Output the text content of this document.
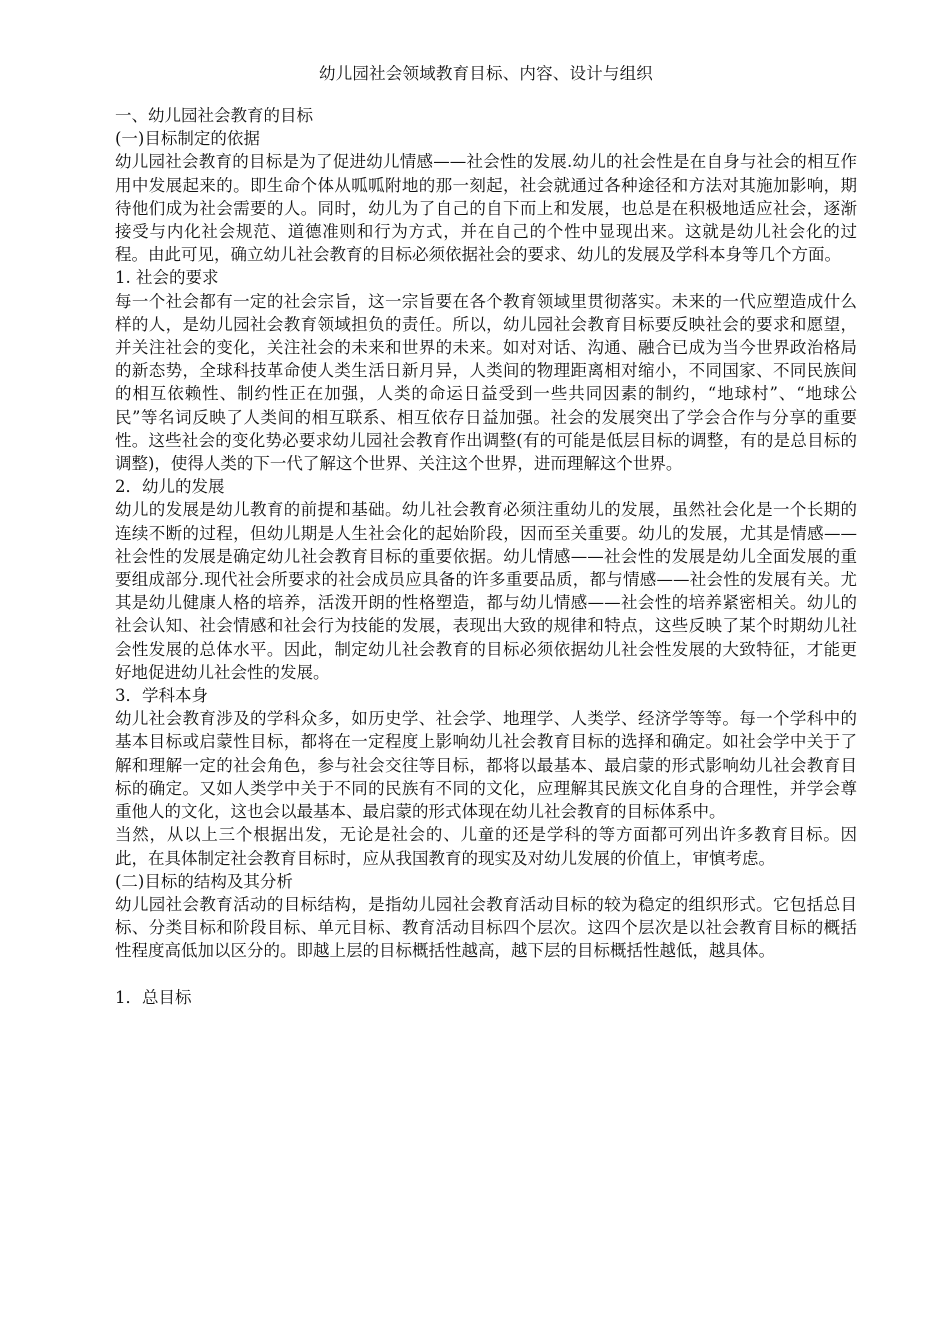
幼儿园社会领域教育目标、内容、设计与组织
一、幼儿园社会教育的目标
(一)目标制定的依据

幼儿园社会教育的目标是为了促进幼儿情感——社会性的发展.幼儿的社会性是在自身与社会的相互作用中发展起来的。即生命个体从呱呱附地的那一刻起，社会就通过各种途径和方法对其施加影响，期待他们成为社会需要的人。同时，幼儿为了自己的自下而上和发展，也总是在积极地适应社会，逐渐接受与内化社会规范、道德准则和行为方式，并在自己的个性中显现出来。这就是幼儿社会化的过程。由此可见，确立幼儿社会教育的目标必须依据社会的要求、幼儿的发展及学科本身等几个方面。

1. 社会的要求

每一个社会都有一定的社会宗旨，这一宗旨要在各个教育领域里贯彻落实。未来的一代应塑造成什么样的人，是幼儿园社会教育领域担负的责任。所以，幼儿园社会教育目标要反映社会的要求和愿望，并关注社会的变化，关注社会的未来和世界的未来。如对对话、沟通、融合已成为当今世界政治格局的新态势，全球科技革命使人类生活日新月异，人类间的物理距离相对缩小，不同国家、不同民族间的相互依赖性、制约性正在加强，人类的命运日益受到一些共同因素的制约，“地球村”、“地球公民”等名词反映了人类间的相互联系、相互依存日益加强。社会的发展突出了学会合作与分享的重要性。这些社会的变化势必要求幼儿园社会教育作出调整(有的可能是低层目标的调整，有的是总目标的调整)，使得人类的下一代了解这个世界、关注这个世界，进而理解这个世界。

2．幼儿的发展

幼儿的发展是幼儿教育的前提和基础。幼儿社会教育必须注重幼儿的发展，虽然社会化是一个长期的连续不断的过程，但幼儿期是人生社会化的起始阶段，因而至关重要。幼儿的发展，尤其是情感——社会性的发展是确定幼儿社会教育目标的重要依据。幼儿情感——社会性的发展是幼儿全面发展的重要组成部分.现代社会所要求的社会成员应具备的许多重要品质，都与情感——社会性的发展有关。尤其是幼儿健康人格的培养，活泼开朗的性格塑造，都与幼儿情感——社会性的培养紧密相关。幼儿的社会认知、社会情感和社会行为技能的发展，表现出大致的规律和特点，这些反映了某个时期幼儿社会性发展的总体水平。因此，制定幼儿社会教育的目标必须依据幼儿社会性发展的大致特征，才能更好地促进幼儿社会性的发展。

3．学科本身

幼儿社会教育涉及的学科众多，如历史学、社会学、地理学、人类学、经济学等等。每一个学科中的基本目标或启蒙性目标，都将在一定程度上影响幼儿社会教育目标的选择和确定。如社会学中关于了解和理解一定的社会角色，参与社会交往等目标，都将以最基本、最启蒙的形式影响幼儿社会教育目标的确定。又如人类学中关于不同的民族有不同的文化，应理解其民族文化自身的合理性，并学会尊重他人的文化，这也会以最基本、最启蒙的形式体现在幼儿社会教育的目标体系中。

当然，从以上三个根据出发，无论是社会的、儿童的还是学科的等方面都可列出许多教育目标。因此，在具体制定社会教育目标时，应从我国教育的现实及对幼儿发展的价值上，审慎考虑。

(二)目标的结构及其分析

幼儿园社会教育活动的目标结构，是指幼儿园社会教育活动目标的较为稳定的组织形式。它包括总目标、分类目标和阶段目标、单元目标、教育活动目标四个层次。这四个层次是以社会教育目标的概括性程度高低加以区分的。即越上层的目标概括性越高，越下层的目标概括性越低，越具体。

1．总目标
